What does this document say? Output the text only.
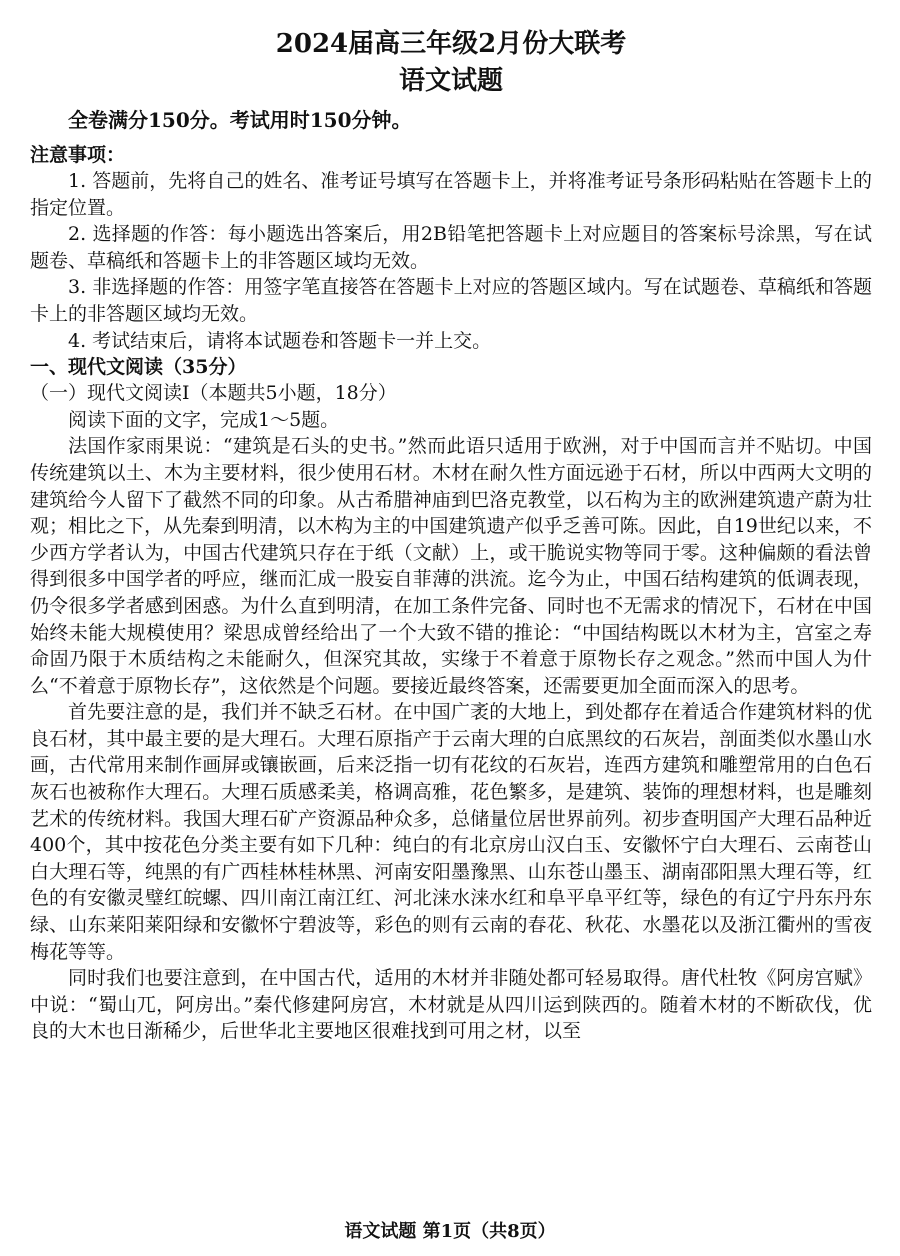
2024届高三年级2月份大联考
语文试题

全卷满分150分。考试用时150分钟。

注意事项：

1. 答题前，先将自己的姓名、准考证号填写在答题卡上，并将准考证号条形码粘贴在答题卡上的指定位置。

2. 选择题的作答：每小题选出答案后，用2B铅笔把答题卡上对应题目的答案标号涂黑，写在试题卷、草稿纸和答题卡上的非答题区域均无效。

3. 非选择题的作答：用签字笔直接答在答题卡上对应的答题区域内。写在试题卷、草稿纸和答题卡上的非答题区域均无效。

4. 考试结束后，请将本试题卷和答题卡一并上交。

一、现代文阅读（35分）

（一）现代文阅读Ⅰ（本题共5小题，18分）

阅读下面的文字，完成1～5题。

法国作家雨果说：“建筑是石头的史书。”然而此语只适用于欧洲，对于中国而言并不贴切。中国传统建筑以土、木为主要材料，很少使用石材。木材在耐久性方面远逊于石材，所以中西两大文明的建筑给今人留下了截然不同的印象。从古希腊神庙到巴洛克教堂，以石构为主的欧洲建筑遗产蔚为壮观；相比之下，从先秦到明清，以木构为主的中国建筑遗产似乎乏善可陈。因此，自19世纪以来，不少西方学者认为，中国古代建筑只存在于纸（文献）上，或干脆说实物等同于零。这种偏颇的看法曾得到很多中国学者的呼应，继而汇成一股妄自菲薄的洪流。迄今为止，中国石结构建筑的低调表现，仍令很多学者感到困惑。为什么直到明清，在加工条件完备、同时也不无需求的情况下，石材在中国始终未能大规模使用？梁思成曾经给出了一个大致不错的推论：“中国结构既以木材为主，宫室之寿命固乃限于木质结构之未能耐久，但深究其故，实缘于不着意于原物长存之观念。”然而中国人为什么“不着意于原物长存”，这依然是个问题。要接近最终答案，还需要更加全面而深入的思考。

首先要注意的是，我们并不缺乏石材。在中国广袤的大地上，到处都存在着适合作建筑材料的优良石材，其中最主要的是大理石。大理石原指产于云南大理的白底黑纹的石灰岩，剖面类似水墨山水画，古代常用来制作画屏或镶嵌画，后来泛指一切有花纹的石灰岩，连西方建筑和雕塑常用的白色石灰石也被称作大理石。大理石质感柔美，格调高雅，花色繁多，是建筑、装饰的理想材料，也是雕刻艺术的传统材料。我国大理石矿产资源品种众多，总储量位居世界前列。初步查明国产大理石品种近400个，其中按花色分类主要有如下几种：纯白的有北京房山汉白玉、安徽怀宁白大理石、云南苍山白大理石等，纯黑的有广西桂林桂林黑、河南安阳墨豫黑、山东苍山墨玉、湖南邵阳黑大理石等，红色的有安徽灵璧红皖螺、四川南江南江红、河北涞水涞水红和阜平阜平红等，绿色的有辽宁丹东丹东绿、山东莱阳莱阳绿和安徽怀宁碧波等，彩色的则有云南的春花、秋花、水墨花以及浙江衢州的雪夜梅花等等。

同时我们也要注意到，在中国古代，适用的木材并非随处都可轻易取得。唐代杜牧《阿房宫赋》中说：“蜀山兀，阿房出。”秦代修建阿房宫，木材就是从四川运到陕西的。随着木材的不断砍伐，优良的大木也日渐稀少，后世华北主要地区很难找到可用之材，以至

语文试题 第1页（共8页）
